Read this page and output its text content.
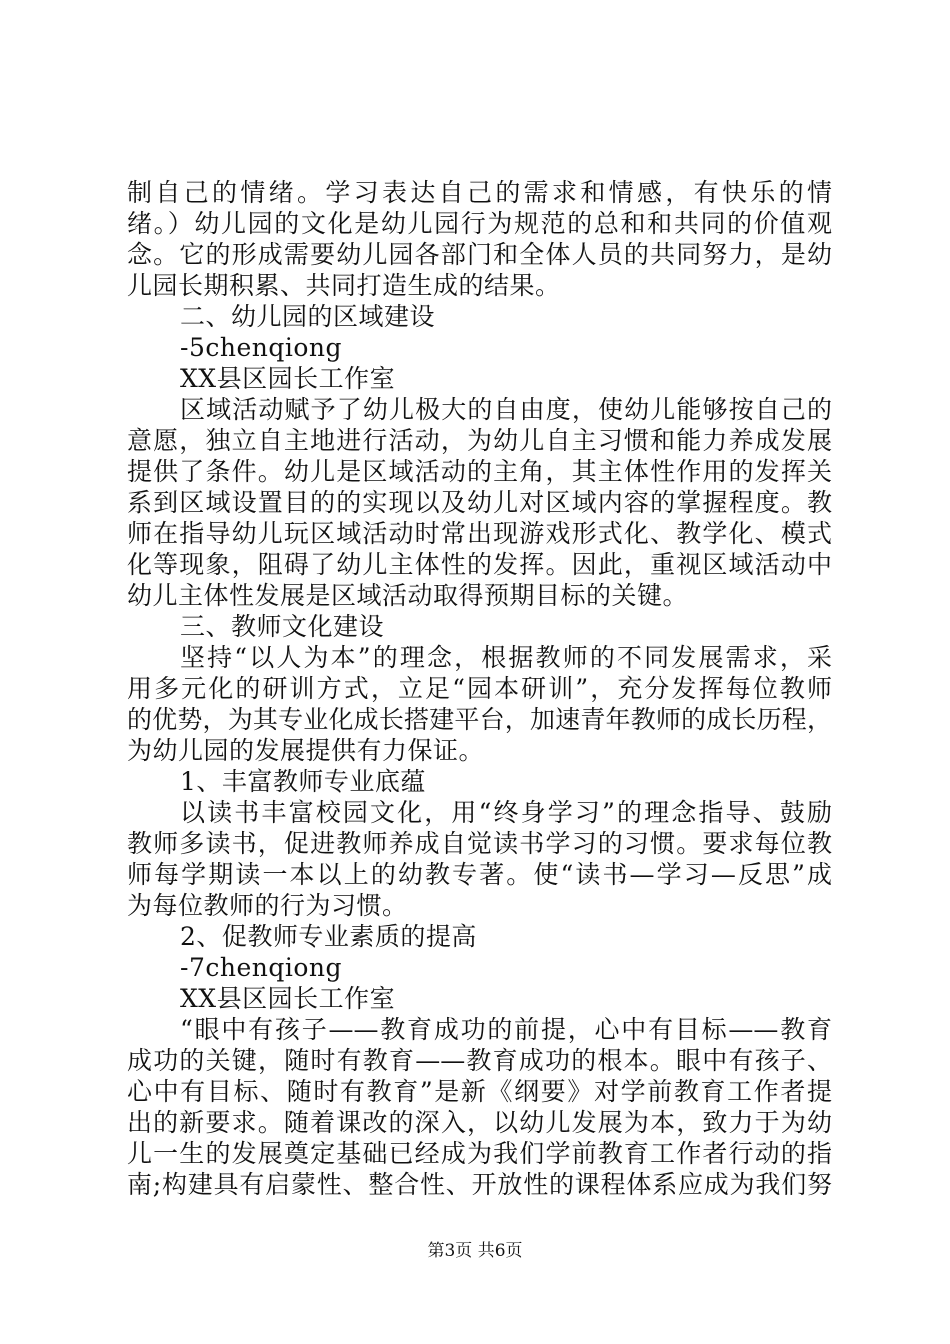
制自己的情绪。学习表达自己的需求和情感，有快乐的情
绪。）幼儿园的文化是幼儿园行为规范的总和和共同的价值观
念。它的形成需要幼儿园各部门和全体人员的共同努力，是幼
儿园长期积累、共同打造生成的结果。
二、幼儿园的区域建设
-5chenqiong
XX县区园长工作室
区域活动赋予了幼儿极大的自由度，使幼儿能够按自己的
意愿，独立自主地进行活动，为幼儿自主习惯和能力养成发展
提供了条件。幼儿是区域活动的主角，其主体性作用的发挥关
系到区域设置目的的实现以及幼儿对区域内容的掌握程度。教
师在指导幼儿玩区域活动时常出现游戏形式化、教学化、模式
化等现象，阻碍了幼儿主体性的发挥。因此，重视区域活动中
幼儿主体性发展是区域活动取得预期目标的关键。
三、教师文化建设
坚持“以人为本”的理念，根据教师的不同发展需求，采
用多元化的研训方式，立足“园本研训”，充分发挥每位教师
的优势，为其专业化成长搭建平台，加速青年教师的成长历程，
为幼儿园的发展提供有力保证。
1、丰富教师专业底蕴
以读书丰富校园文化，用“终身学习”的理念指导、鼓励
教师多读书，促进教师养成自觉读书学习的习惯。要求每位教
师每学期读一本以上的幼教专著。使“读书—学习—反思”成
为每位教师的行为习惯。
2、促教师专业素质的提高
-7chenqiong
XX县区园长工作室
“眼中有孩子——教育成功的前提，心中有目标——教育
成功的关键，随时有教育——教育成功的根本。眼中有孩子、
心中有目标、随时有教育”是新《纲要》对学前教育工作者提
出的新要求。随着课改的深入，以幼儿发展为本，致力于为幼
儿一生的发展奠定基础已经成为我们学前教育工作者行动的指
南;构建具有启蒙性、整合性、开放性的课程体系应成为我们努
第3页 共6页
